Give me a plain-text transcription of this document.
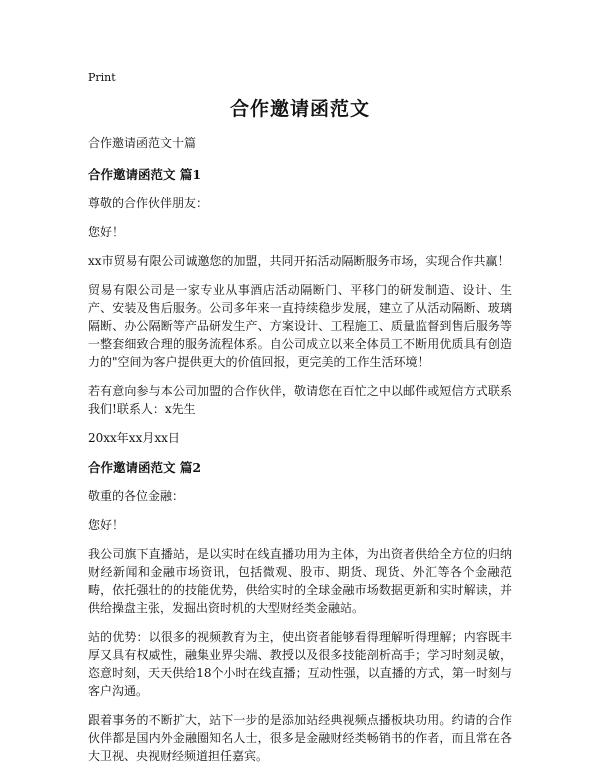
Print
合作邀请函范文
合作邀请函范文十篇
合作邀请函范文 篇1

尊敬的合作伙伴朋友：

您好！

xx市贸易有限公司诚邀您的加盟，共同开拓活动隔断服务市场，实现合作共赢！

贸易有限公司是一家专业从事酒店活动隔断门、平移门的研发制造、设计、生产、安装及售后服务。公司多年来一直持续稳步发展，建立了从活动隔断、玻璃隔断、办公隔断等产品研发生产、方案设计、工程施工、质量监督到售后服务等一整套细致合理的服务流程体系。自公司成立以来全体员工不断用优质具有创造力的"空间为客户提供更大的价值回报，更完美的工作生活环境！

若有意向参与本公司加盟的合作伙伴，敬请您在百忙之中以邮件或短信方式联系我们!联系人：x先生

20xx年xx月xx日

合作邀请函范文 篇2

敬重的各位金融：

您好！

我公司旗下直播站，是以实时在线直播功用为主体，为出资者供给全方位的归纳财经新闻和金融市场资讯，包括微观、股市、期货、现货、外汇等各个金融范畴，依托强壮的的技能优势，供给实时的全球金融市场数据更新和实时解读，并供给操盘主张，发掘出资时机的大型财经类金融站。

站的优势：以很多的视频教育为主，使出资者能够看得理解听得理解；内容既丰厚又具有权威性，融集业界尖端、教授以及很多技能剖析高手；学习时刻灵敏，恣意时刻，天天供给18个小时在线直播；互动性强，以直播的方式，第一时刻与客户沟通。

跟着事务的不断扩大，站下一步的是添加站经典视频点播板块功用。约请的合作伙伴都是国内外金融圈知名人士，很多是金融财经类畅销书的作者，而且常在各大卫视、央视财经频道担任嘉宾。
